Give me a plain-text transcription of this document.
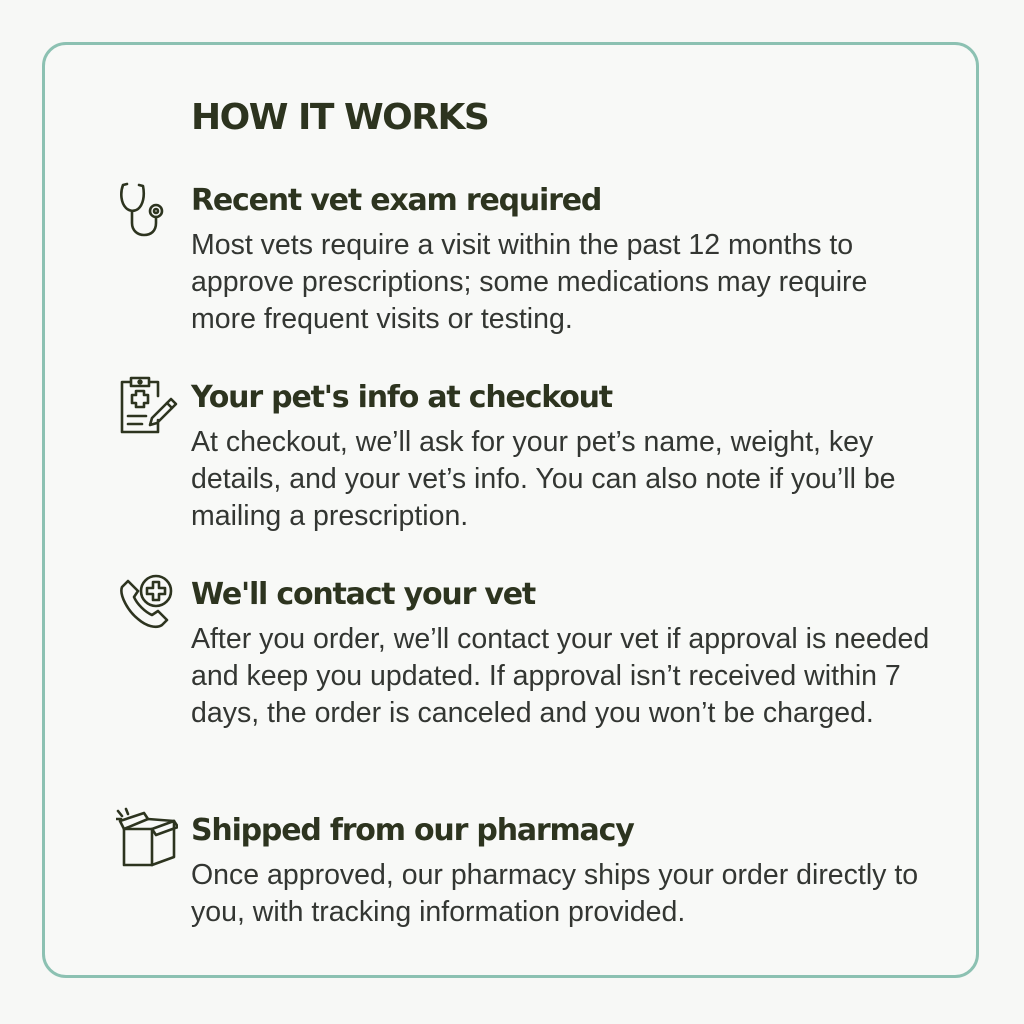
HOW IT WORKS
Recent vet exam required

Most vets require a visit within the past 12 months to approve prescriptions; some medications may require more frequent visits or testing.

Your pet's info at checkout

At checkout, we’ll ask for your pet’s name, weight, key details, and your vet’s info. You can also note if you’ll be mailing a prescription.

We'll contact your vet

After you order, we’ll contact your vet if approval is needed and keep you updated. If approval isn’t received within 7 days, the order is canceled and you won’t be charged.

Shipped from our pharmacy

Once approved, our pharmacy ships your order directly to you, with tracking information provided.
